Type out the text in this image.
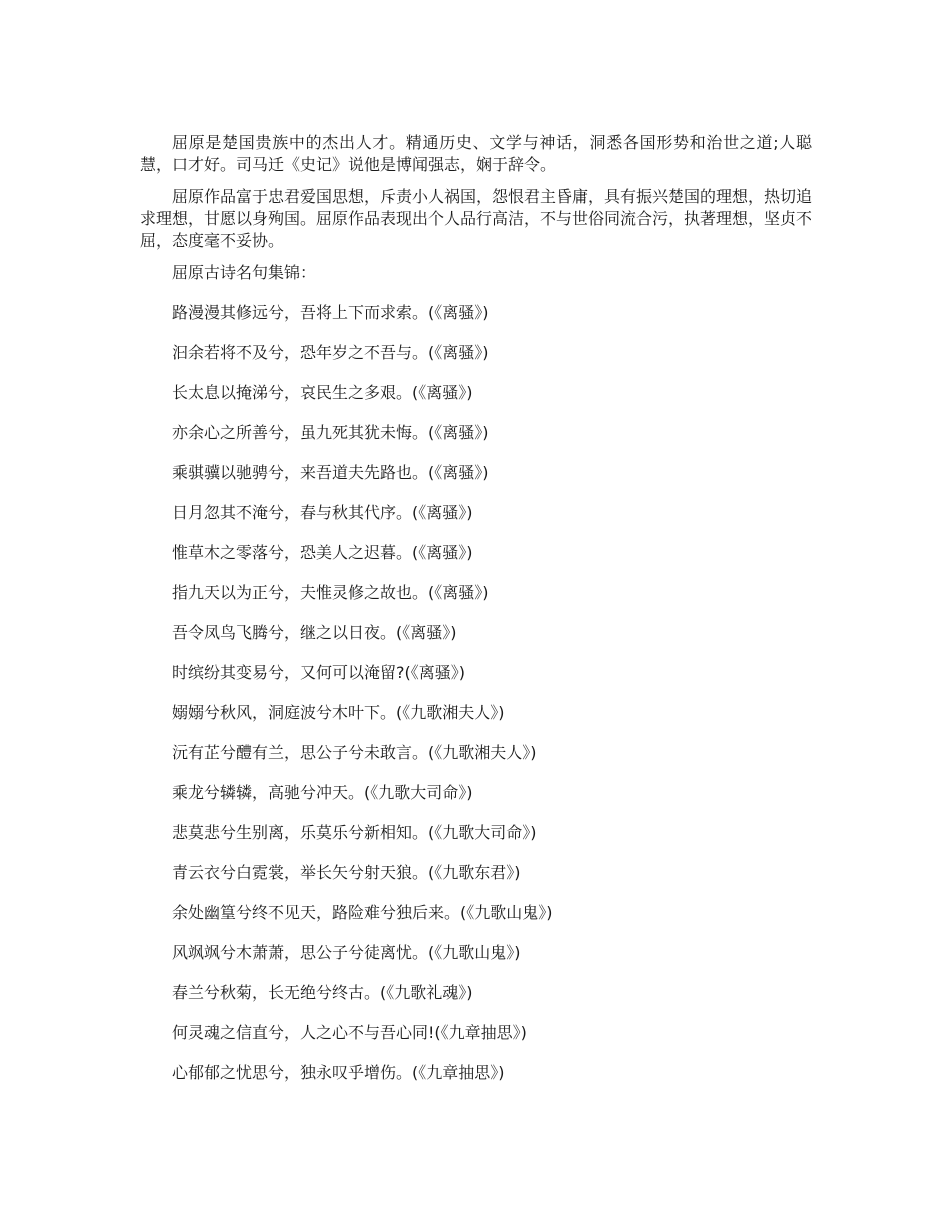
屈原是楚国贵族中的杰出人才。精通历史、文学与神话，洞悉各国形势和治世之道;人聪慧，口才好。司马迁《史记》说他是博闻强志，娴于辞令。

屈原作品富于忠君爱国思想，斥责小人祸国，怨恨君主昏庸，具有振兴楚国的理想，热切追求理想，甘愿以身殉国。屈原作品表现出个人品行高洁，不与世俗同流合污，执著理想，坚贞不屈，态度毫不妥协。

屈原古诗名句集锦：
路漫漫其修远兮，吾将上下而求索。(《离骚》)
汩余若将不及兮，恐年岁之不吾与。(《离骚》)
长太息以掩涕兮，哀民生之多艰。(《离骚》)
亦余心之所善兮，虽九死其犹未悔。(《离骚》)
乘骐骥以驰骋兮，来吾道夫先路也。(《离骚》)
日月忽其不淹兮，春与秋其代序。(《离骚》)
惟草木之零落兮，恐美人之迟暮。(《离骚》)
指九天以为正兮，夫惟灵修之故也。(《离骚》)
吾令凤鸟飞腾兮，继之以日夜。(《离骚》)
时缤纷其变易兮，又何可以淹留?(《离骚》)
嫋嫋兮秋风，洞庭波兮木叶下。(《九歌湘夫人》)
沅有芷兮醴有兰，思公子兮未敢言。(《九歌湘夫人》)
乘龙兮辚辚，高驰兮冲天。(《九歌大司命》)
悲莫悲兮生别离，乐莫乐兮新相知。(《九歌大司命》)
青云衣兮白霓裳，举长矢兮射天狼。(《九歌东君》)
余处幽篁兮终不见天，路险难兮独后来。(《九歌山鬼》)
风飒飒兮木萧萧，思公子兮徒离忧。(《九歌山鬼》)
春兰兮秋菊，长无绝兮终古。(《九歌礼魂》)
何灵魂之信直兮，人之心不与吾心同!(《九章抽思》)
心郁郁之忧思兮，独永叹乎增伤。(《九章抽思》)
